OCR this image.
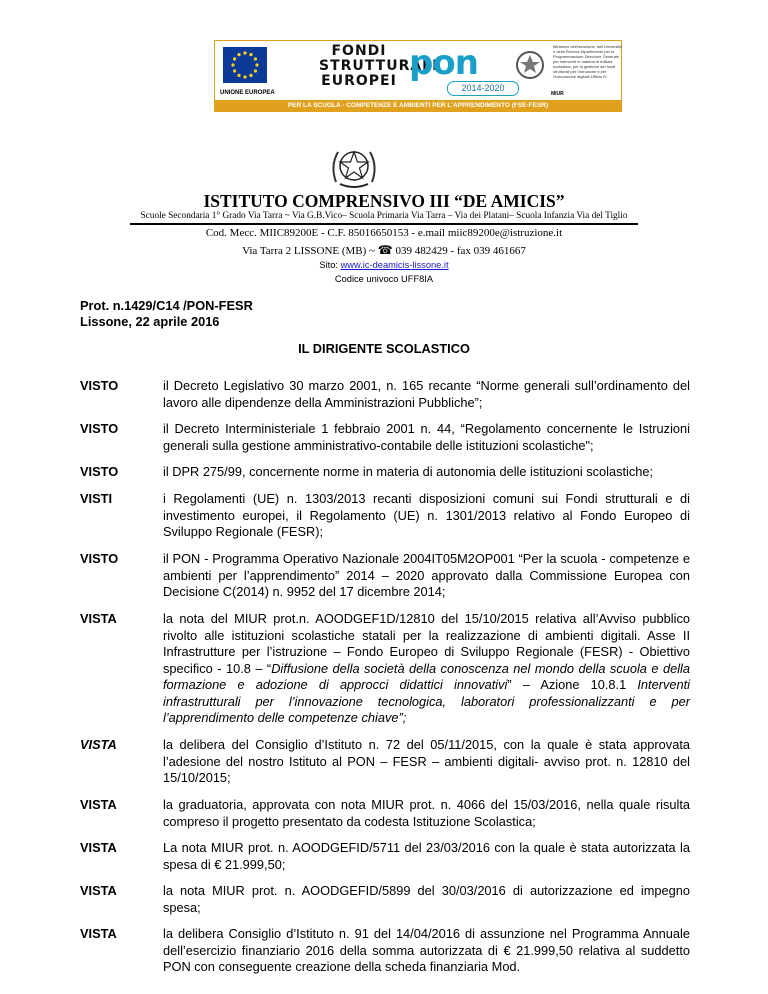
UNIONE EUROPEA
FONDI STRUTTURALI EUROPEI pon
2014-2020
Ministero dell'Istruzione, dell'Università e della Ricerca Dipartimento per la Programmazione Direzione Generale per interventi in materia di edilizia scolastica, per la gestione dei fondi strutturali per l'istruzione e per l'innovazione digitale Ufficio IV
MIUR
PER LA SCUOLA - COMPETENZE E AMBIENTI PER L'APPRENDIMENTO (FSE-FESR)
ISTITUTO COMPRENSIVO III “DE AMICIS”
Scuole Secondaria 1° Grado Via Tarra ~ Via G.B.Vico– Scuola Primaria Via Tarra – Via dei Platani– Scuola Infanzia Via del Tiglio
Cod. Mecc. MIIC89200E - C.F. 85016650153 - e.mail miic89200e@istruzione.it
Via Tarra 2 LISSONE (MB) ~ ☎ 039 482429 - fax 039 461667
Sito: www.ic-deamicis-lissone.it
Codice univoco UFF8IA
Prot. n.1429/C14 /PON-FESR
Lissone, 22 aprile 2016
IL DIRIGENTE SCOLASTICO
VISTO	il Decreto Legislativo 30 marzo 2001, n. 165 recante “Norme generali sull’ordinamento del lavoro alle dipendenze della Amministrazioni Pubbliche”;
VISTO	il Decreto Interministeriale 1 febbraio 2001 n. 44, “Regolamento concernente le Istruzioni generali sulla gestione amministrativo-contabile delle istituzioni scolastiche";
VISTO	il DPR 275/99, concernente norme in materia di autonomia delle istituzioni scolastiche;
VISTI	i Regolamenti (UE) n. 1303/2013 recanti disposizioni comuni sui Fondi strutturali e di investimento europei, il Regolamento (UE) n. 1301/2013 relativo al Fondo Europeo di Sviluppo Regionale (FESR);
VISTO	il PON - Programma Operativo Nazionale 2004IT05M2OP001 “Per la scuola - competenze e ambienti per l’apprendimento” 2014 – 2020 approvato dalla Commissione Europea con Decisione C(2014) n. 9952 del 17 dicembre 2014;
VISTA	la nota del MIUR prot.n. AOODGEF1D/12810 del 15/10/2015 relativa all’Avviso pubblico rivolto alle istituzioni scolastiche statali per la realizzazione di ambienti digitali. Asse II Infrastrutture per l’istruzione – Fondo Europeo di Sviluppo Regionale (FESR) - Obiettivo specifico - 10.8 – “Diffusione della società della conoscenza nel mondo della scuola e della formazione e adozione di approcci didattici innovativi” – Azione 10.8.1 Interventi infrastrutturali per l’innovazione tecnologica, laboratori professionalizzanti e per l’apprendimento delle competenze chiave”;
VISTA	la delibera del Consiglio d’Istituto n. 72 del 05/11/2015, con la quale è stata approvata l’adesione del nostro Istituto al PON – FESR – ambienti digitali- avviso prot. n. 12810 del 15/10/2015;
VISTA	la graduatoria, approvata con nota MIUR prot. n. 4066 del 15/03/2016, nella quale risulta compreso il progetto presentato da codesta Istituzione Scolastica;
VISTA	La nota MIUR prot. n. AOODGEFID/5711 del 23/03/2016 con la quale è stata autorizzata la spesa di € 21.999,50;
VISTA	la nota MIUR prot. n. AOODGEFID/5899 del 30/03/2016 di autorizzazione ed impegno spesa;
VISTA	la delibera Consiglio d’Istituto n. 91 del 14/04/2016 di assunzione nel Programma Annuale dell’esercizio finanziario 2016 della somma autorizzata di € 21.999,50 relativa al suddetto PON con conseguente creazione della scheda finanziaria Mod.
